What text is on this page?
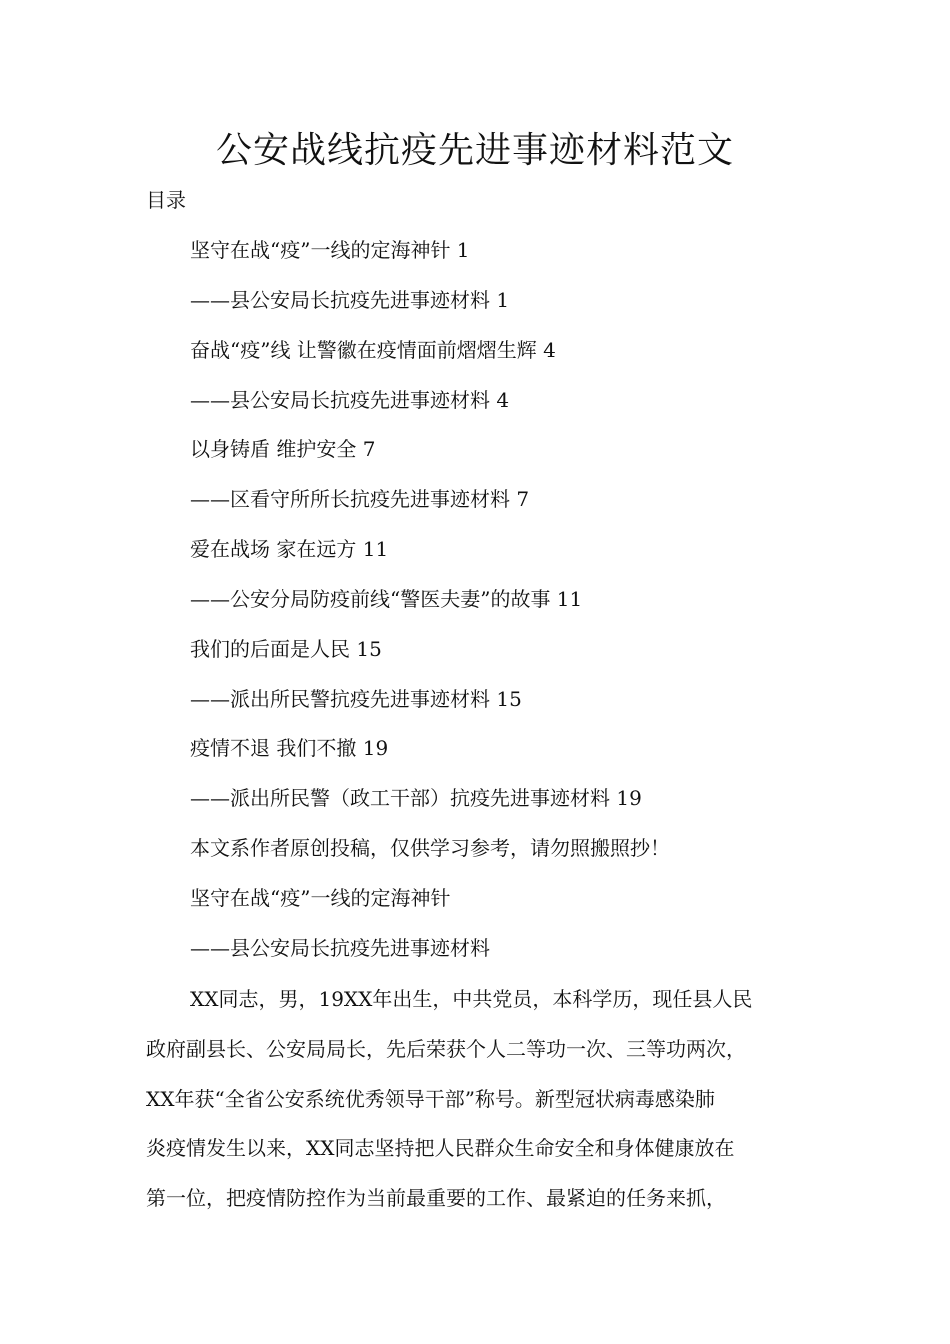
公安战线抗疫先进事迹材料范文

目录

坚守在战“疫”一线的定海神针 1

——县公安局长抗疫先进事迹材料 1

奋战“疫”线 让警徽在疫情面前熠熠生辉 4

——县公安局长抗疫先进事迹材料 4

以身铸盾 维护安全 7

——区看守所所长抗疫先进事迹材料 7

爱在战场 家在远方 11

——公安分局防疫前线“警医夫妻”的故事 11

我们的后面是人民 15

——派出所民警抗疫先进事迹材料 15

疫情不退 我们不撤 19

——派出所民警（政工干部）抗疫先进事迹材料 19

本文系作者原创投稿，仅供学习参考，请勿照搬照抄！

坚守在战“疫”一线的定海神针

——县公安局长抗疫先进事迹材料

XX同志，男，19XX年出生，中共党员，本科学历，现任县人民

政府副县长、公安局局长，先后荣获个人二等功一次、三等功两次，

XX年获“全省公安系统优秀领导干部”称号。新型冠状病毒感染肺

炎疫情发生以来，XX同志坚持把人民群众生命安全和身体健康放在

第一位，把疫情防控作为当前最重要的工作、最紧迫的任务来抓，
